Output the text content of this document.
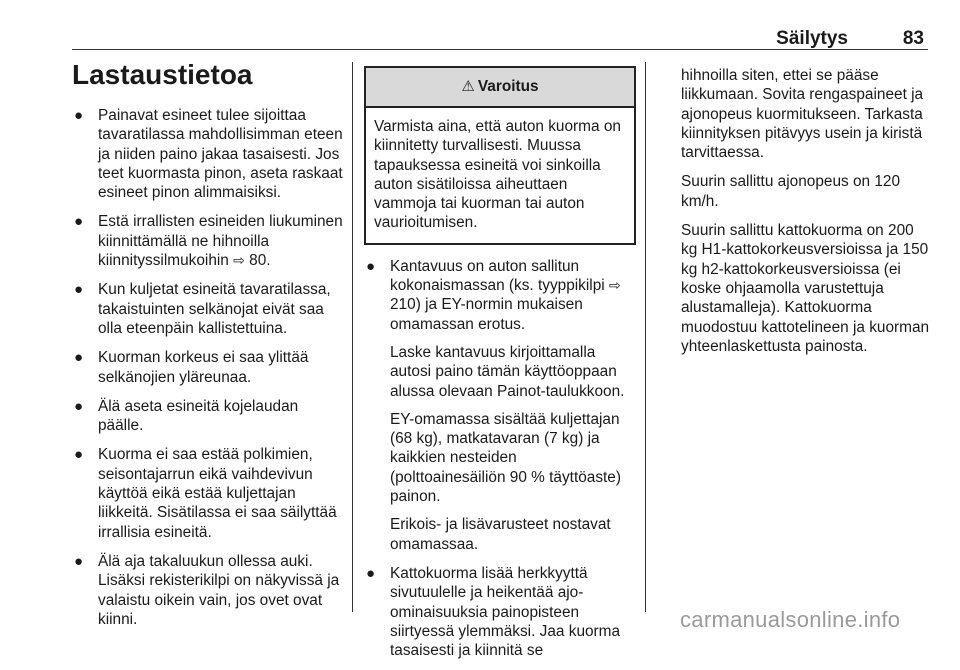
Säilytys	83
Lastaustietoa
● Painavat esineet tulee sijoittaa tavaratilassa mahdollisimman eteen ja niiden paino jakaa tasaisesti. Jos teet kuormasta pinon, aseta raskaat esineet pinon alimmaisiksi.
● Estä irrallisten esineiden liukuminen kiinnittämällä ne hihnoilla kiinnityssilmukoihin ⇨ 80.
● Kun kuljetat esineitä tavaratilassa, takaistuinten selkänojat eivät saa olla eteenpäin kallistettuina.
● Kuorman korkeus ei saa ylittää selkänojien yläreunaa.
● Älä aseta esineitä kojelaudan päälle.
● Kuorma ei saa estää polkimien, seisontajarrun eikä vaihdevivun käyttöä eikä estää kuljettajan liikkeitä. Sisätilassa ei saa säilyttää irrallisia esineitä.
● Älä aja takaluukun ollessa auki. Lisäksi rekisterikilpi on näkyvissä ja valaistu oikein vain, jos ovet ovat kiinni.
⚠ Varoitus
Varmista aina, että auton kuorma on kiinnitetty turvallisesti. Muussa tapauksessa esineitä voi sinkoilla auton sisätiloissa aiheuttaen vammoja tai kuorman tai auton vaurioitumisen.
● Kantavuus on auton sallitun kokonaismassan (ks. tyyppikilpi ⇨ 210) ja EY-normin mukaisen omamassan erotus.
Laske kantavuus kirjoittamalla autosi paino tämän käyttöoppaan alussa olevaan Painot-taulukkoon.
EY-omamassa sisältää kuljettajan (68 kg), matkatavaran (7 kg) ja kaikkien nesteiden (polttoainesäiliön 90 % täyttöaste) painon.
Erikois- ja lisävarusteet nostavat omamassaa.
● Kattokuorma lisää herkkyyttä sivutuulelle ja heikentää ajo-ominaisuuksia painopisteen siirtyessä ylemmäksi. Jaa kuorma tasaisesti ja kiinnitä se

hihnoilla siten, ettei se pääse liikkumaan. Sovita rengaspaineet ja ajonopeus kuormitukseen. Tarkasta kiinnityksen pitävyys usein ja kiristä tarvittaessa.

Suurin sallittu ajonopeus on 120 km/h.

Suurin sallittu kattokuorma on 200 kg H1-kattokorkeusversioissa ja 150 kg h2-kattokorkeusversioissa (ei koske ohjaamolla varustettuja alustamalleja). Kattokuorma muodostuu kattotelineen ja kuorman yhteenlaskettusta painosta.

carmanualsonline.info
